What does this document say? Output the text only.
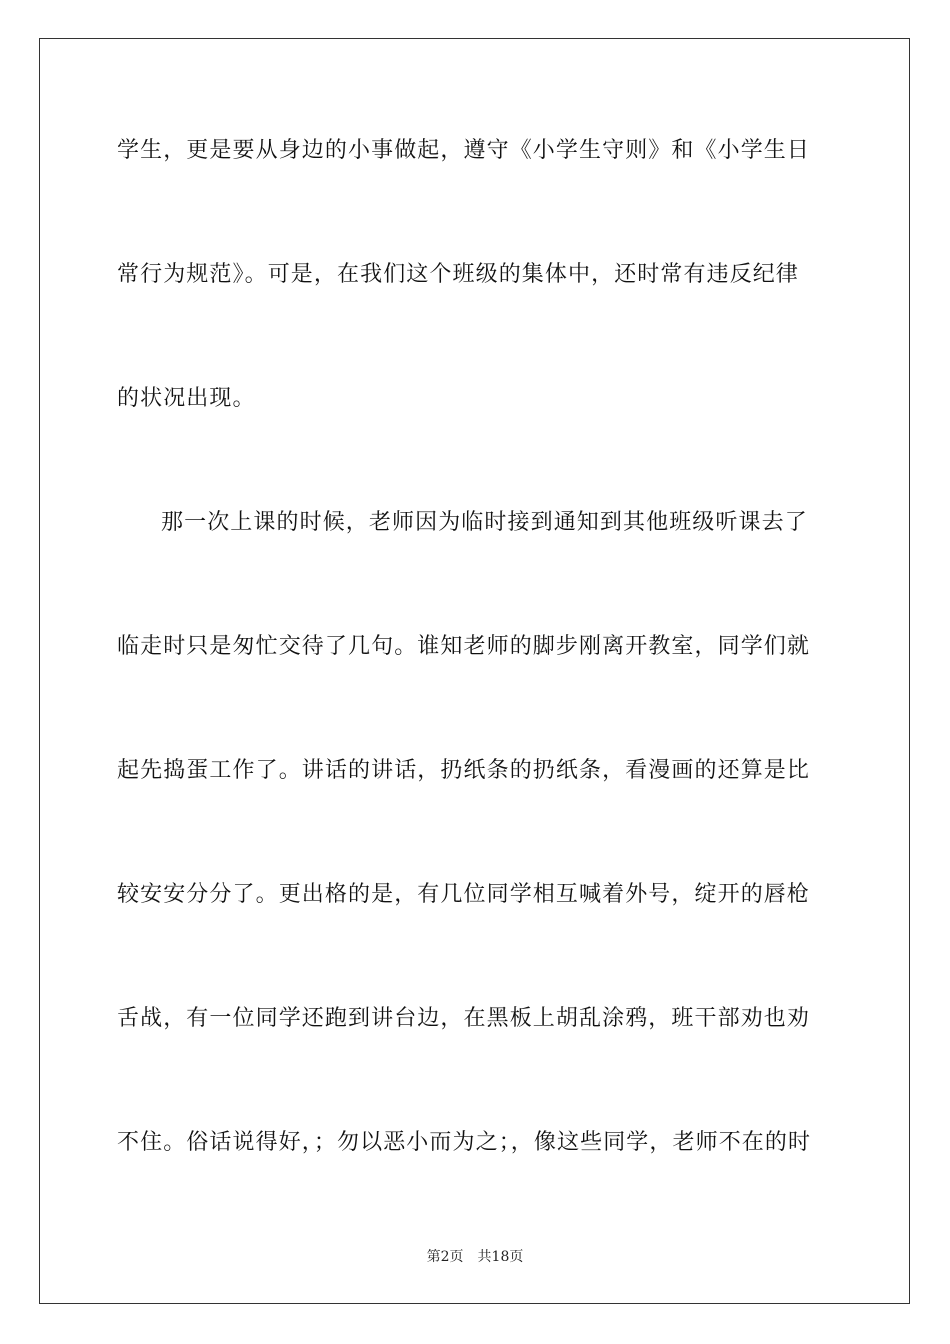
学生，更是要从身边的小事做起，遵守《小学生守则》和《小学生日
常行为规范》。可是，在我们这个班级的集体中，还时常有违反纪律
的状况出现。
那一次上课的时候，老师因为临时接到通知到其他班级听课去了
临走时只是匆忙交待了几句。谁知老师的脚步刚离开教室，同学们就
起先捣蛋工作了。讲话的讲话，扔纸条的扔纸条，看漫画的还算是比
较安安分分了。更出格的是，有几位同学相互喊着外号，绽开的唇枪
舌战，有一位同学还跑到讲台边，在黑板上胡乱涂鸦，班干部劝也劝
不住。俗话说得好，；勿以恶小而为之；，像这些同学，老师不在的时
第2页 共18页
